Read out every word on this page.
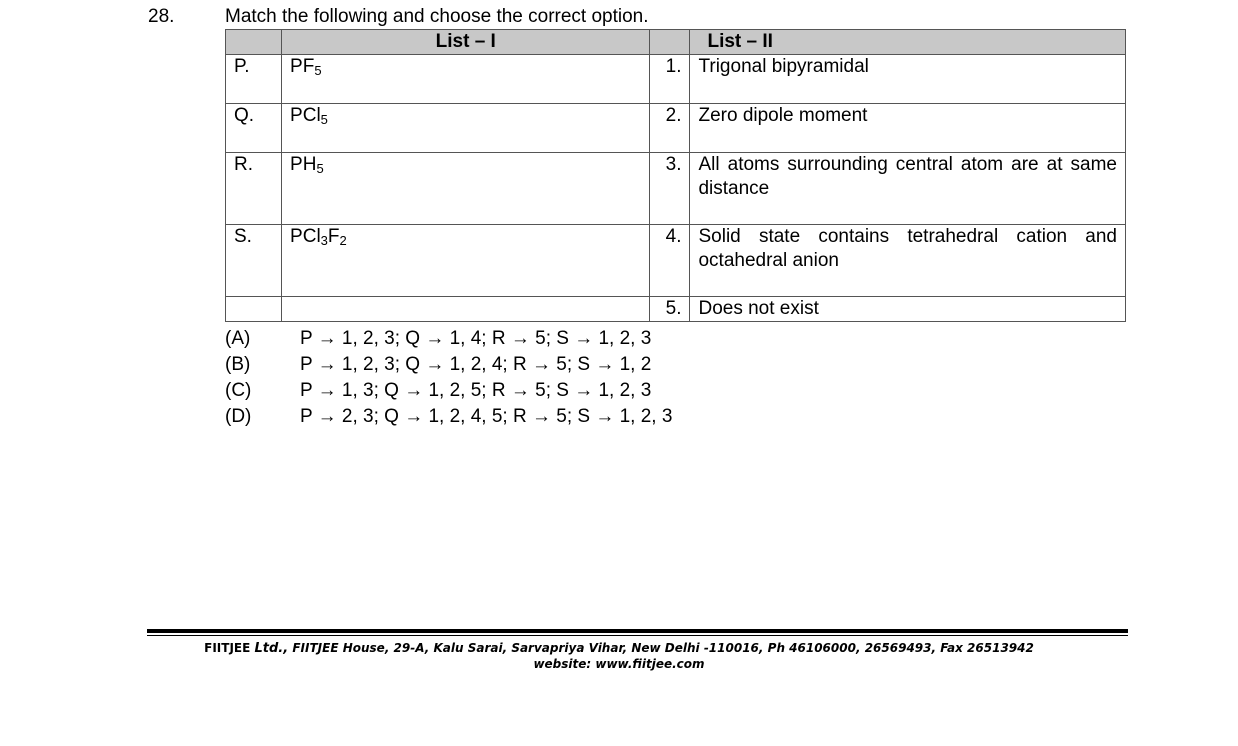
28.	Match the following and choose the correct option.
	List – I		List – II
P.	$PF_5$	1.	Trigonal bipyramidal
Q.	PCl$_5$	2.	Zero dipole moment
R.	$PH_5$	3.	All atoms surrounding central atom are at same distance
S.	$PCl_3F_2$	4.	Solid state contains tetrahedral cation and octahedral anion
		5.	Does not exist
(A)	P → 1, 2, 3; Q → 1, 4; R → 5; S → 1, 2, 3
(B)	P → 1, 2, 3; Q → 1, 2, 4; R → 5; S → 1, 2
(C)	P → 1, 3; Q → 1, 2, 5; R → 5; S → 1, 2, 3
(D)	P → 2, 3; Q → 1, 2, 4, 5; R → 5; S → 1, 2, 3
FIITJEE Ltd., FIITJEE House, 29-A, Kalu Sarai, Sarvapriya Vihar, New Delhi -110016, Ph 46106000, 26569493, Fax 26513942
website: www.fiitjee.com
